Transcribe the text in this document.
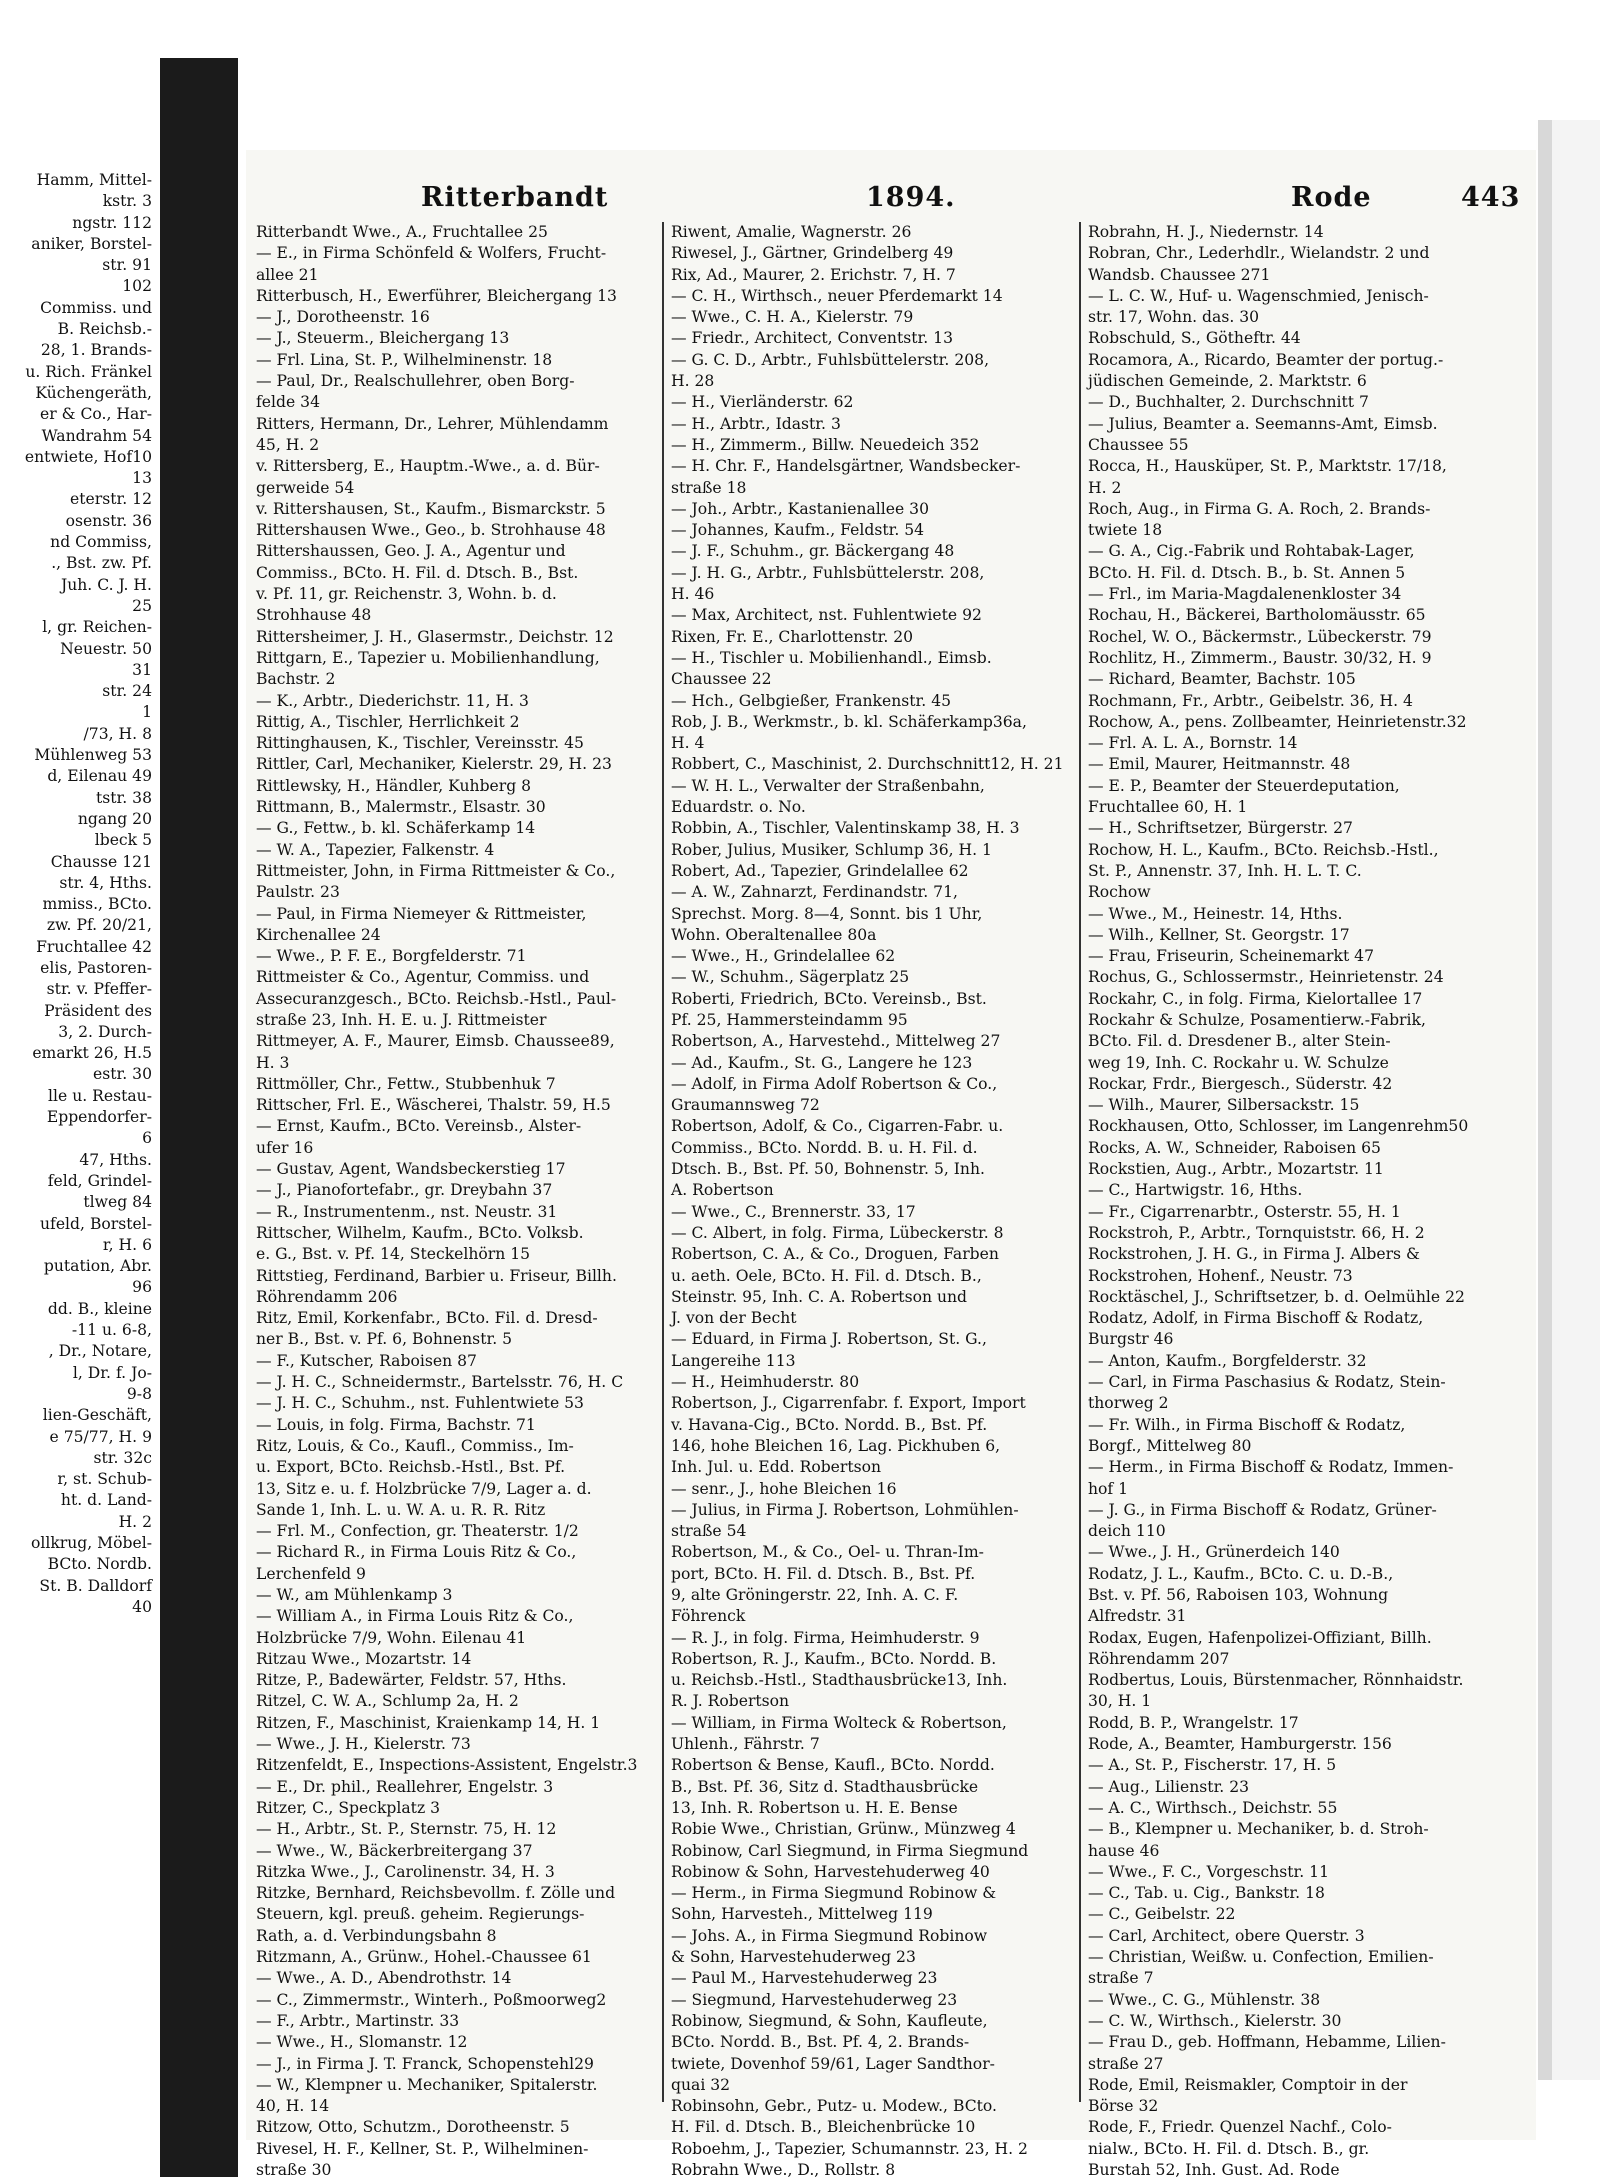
Hamm, Mittel-
kstr. 3
ngstr. 112
aniker, Borstel-
str. 91
102
Commiss. und
B. Reichsb.-
28, 1. Brands-
u. Rich. Fränkel
Küchengeräth,
er & Co., Har-
Wandrahm 54
entwiete, Hof10
13
eterstr. 12
osenstr. 36
nd Commiss,
., Bst. zw. Pf.
Juh. C. J. H.
25
l, gr. Reichen-
Neuestr. 50
31
str. 24
1
/73, H. 8
Mühlenweg 53
d, Eilenau 49
tstr. 38
ngang 20
lbeck 5
Chausse 121
str. 4, Hths.
mmiss., BCto.
zw. Pf. 20/21,
Fruchtallee 42
elis, Pastoren-
str. v. Pfeffer-
Präsident des
3, 2. Durch-
emarkt 26, H.5
estr. 30
lle u. Restau-
Eppendorfer-
6
47, Hths.
feld, Grindel-
tlweg 84
ufeld, Borstel-
r, H. 6
putation, Abr.
96
dd. B., kleine
-11 u. 6-8,
, Dr., Notare,
l, Dr. f. Jo-
9-8
lien-Geschäft,
e 75/77, H. 9
str. 32c
r, st. Schub-
ht. d. Land-
H. 2
ollkrug, Möbel-
BCto. Nordb.
St. B. Dalldorf
40
Ritterbandt	1894.	Rode	443
Ritterbandt Wwe., A., Fruchtallee 25
— E., in Firma Schönfeld & Wolfers, Frucht-
allee 21
Ritterbusch, H., Ewerführer, Bleichergang 13
— J., Dorotheenstr. 16
— J., Steuerm., Bleichergang 13
— Frl. Lina, St. P., Wilhelminenstr. 18
— Paul, Dr., Realschullehrer, oben Borg-
felde 34
Ritters, Hermann, Dr., Lehrer, Mühlendamm
45, H. 2
v. Rittersberg, E., Hauptm.-Wwe., a. d. Bür-
gerweide 54
v. Rittershausen, St., Kaufm., Bismarckstr. 5
Rittershausen Wwe., Geo., b. Strohhause 48
Rittershaussen, Geo. J. A., Agentur und
Commiss., BCto. H. Fil. d. Dtsch. B., Bst.
v. Pf. 11, gr. Reichenstr. 3, Wohn. b. d.
Strohhause 48
Rittersheimer, J. H., Glasermstr., Deichstr. 12
Rittgarn, E., Tapezier u. Mobilienhandlung,
Bachstr. 2
— K., Arbtr., Diederichstr. 11, H. 3
Rittig, A., Tischler, Herrlichkeit 2
Rittinghausen, K., Tischler, Vereinsstr. 45
Rittler, Carl, Mechaniker, Kielerstr. 29, H. 23
Rittlewsky, H., Händler, Kuhberg 8
Rittmann, B., Malermstr., Elsastr. 30
— G., Fettw., b. kl. Schäferkamp 14
— W. A., Tapezier, Falkenstr. 4
Rittmeister, John, in Firma Rittmeister & Co.,
Paulstr. 23
— Paul, in Firma Niemeyer & Rittmeister,
Kirchenallee 24
— Wwe., P. F. E., Borgfelderstr. 71
Rittmeister & Co., Agentur, Commiss. und
Assecuranzgesch., BCto. Reichsb.-Hstl., Paul-
straße 23, Inh. H. E. u. J. Rittmeister
Rittmeyer, A. F., Maurer, Eimsb. Chaussee89,
H. 3
Rittmöller, Chr., Fettw., Stubbenhuk 7
Rittscher, Frl. E., Wäscherei, Thalstr. 59, H.5
— Ernst, Kaufm., BCto. Vereinsb., Alster-
ufer 16
— Gustav, Agent, Wandsbeckerstieg 17
— J., Pianofortefabr., gr. Dreybahn 37
— R., Instrumentenm., nst. Neustr. 31
Rittscher, Wilhelm, Kaufm., BCto. Volksb.
e. G., Bst. v. Pf. 14, Steckelhörn 15
Rittstieg, Ferdinand, Barbier u. Friseur, Billh.
Röhrendamm 206
Ritz, Emil, Korkenfabr., BCto. Fil. d. Dresd-
ner B., Bst. v. Pf. 6, Bohnenstr. 5
— F., Kutscher, Raboisen 87
— J. H. C., Schneidermstr., Bartelsstr. 76, H. C
— J. H. C., Schuhm., nst. Fuhlentwiete 53
— Louis, in folg. Firma, Bachstr. 71
Ritz, Louis, & Co., Kaufl., Commiss., Im-
u. Export, BCto. Reichsb.-Hstl., Bst. Pf.
13, Sitz e. u. f. Holzbrücke 7/9, Lager a. d.
Sande 1, Inh. L. u. W. A. u. R. R. Ritz
— Frl. M., Confection, gr. Theaterstr. 1/2
— Richard R., in Firma Louis Ritz & Co.,
Lerchenfeld 9
— W., am Mühlenkamp 3
— William A., in Firma Louis Ritz & Co.,
Holzbrücke 7/9, Wohn. Eilenau 41
Ritzau Wwe., Mozartstr. 14
Ritze, P., Badewärter, Feldstr. 57, Hths.
Ritzel, C. W. A., Schlump 2a, H. 2
Ritzen, F., Maschinist, Kraienkamp 14, H. 1
— Wwe., J. H., Kielerstr. 73
Ritzenfeldt, E., Inspections-Assistent, Engelstr.3
— E., Dr. phil., Reallehrer, Engelstr. 3
Ritzer, C., Speckplatz 3
— H., Arbtr., St. P., Sternstr. 75, H. 12
— Wwe., W., Bäckerbreitergang 37
Ritzka Wwe., J., Carolinenstr. 34, H. 3
Ritzke, Bernhard, Reichsbevollm. f. Zölle und
Steuern, kgl. preuß. geheim. Regierungs-
Rath, a. d. Verbindungsbahn 8
Ritzmann, A., Grünw., Hohel.-Chaussee 61
— Wwe., A. D., Abendrothstr. 14
— C., Zimmermstr., Winterh., Poßmoorweg2
— F., Arbtr., Martinstr. 33
— Wwe., H., Slomanstr. 12
— J., in Firma J. T. Franck, Schopenstehl29
— W., Klempner u. Mechaniker, Spitalerstr.
40, H. 14
Ritzow, Otto, Schutzm., Dorotheenstr. 5
Rivesel, H. F., Kellner, St. P., Wilhelminen-
straße 30
Riwent, Amalie, Wagnerstr. 26
Riwesel, J., Gärtner, Grindelberg 49
Rix, Ad., Maurer, 2. Erichstr. 7, H. 7
— C. H., Wirthsch., neuer Pferdemarkt 14
— Wwe., C. H. A., Kielerstr. 79
— Friedr., Architect, Conventstr. 13
— G. C. D., Arbtr., Fuhlsbüttelerstr. 208,
H. 28
— H., Vierländerstr. 62
— H., Arbtr., Idastr. 3
— H., Zimmerm., Billw. Neuedeich 352
— H. Chr. F., Handelsgärtner, Wandsbecker-
straße 18
— Joh., Arbtr., Kastanienallee 30
— Johannes, Kaufm., Feldstr. 54
— J. F., Schuhm., gr. Bäckergang 48
— J. H. G., Arbtr., Fuhlsbüttelerstr. 208,
H. 46
— Max, Architect, nst. Fuhlentwiete 92
Rixen, Fr. E., Charlottenstr. 20
— H., Tischler u. Mobilienhandl., Eimsb.
Chaussee 22
— Hch., Gelbgießer, Frankenstr. 45
Rob, J. B., Werkmstr., b. kl. Schäferkamp36a,
H. 4
Robbert, C., Maschinist, 2. Durchschnitt12, H. 21
— W. H. L., Verwalter der Straßenbahn,
Eduardstr. o. No.
Robbin, A., Tischler, Valentinskamp 38, H. 3
Rober, Julius, Musiker, Schlump 36, H. 1
Robert, Ad., Tapezier, Grindelallee 62
— A. W., Zahnarzt, Ferdinandstr. 71,
Sprechst. Morg. 8—4, Sonnt. bis 1 Uhr,
Wohn. Oberaltenallee 80a
— Wwe., H., Grindelallee 62
— W., Schuhm., Sägerplatz 25
Roberti, Friedrich, BCto. Vereinsb., Bst.
Pf. 25, Hammersteindamm 95
Robertson, A., Harvestehd., Mittelweg 27
— Ad., Kaufm., St. G., Langere he 123
— Adolf, in Firma Adolf Robertson & Co.,
Graumannsweg 72
Robertson, Adolf, & Co., Cigarren-Fabr. u.
Commiss., BCto. Nordd. B. u. H. Fil. d.
Dtsch. B., Bst. Pf. 50, Bohnenstr. 5, Inh.
A. Robertson
— Wwe., C., Brennerstr. 33, 17
— C. Albert, in folg. Firma, Lübeckerstr. 8
Robertson, C. A., & Co., Droguen, Farben
u. aeth. Oele, BCto. H. Fil. d. Dtsch. B.,
Steinstr. 95, Inh. C. A. Robertson und
J. von der Becht
— Eduard, in Firma J. Robertson, St. G.,
Langereihe 113
— H., Heimhuderstr. 80
Robertson, J., Cigarrenfabr. f. Export, Import
v. Havana-Cig., BCto. Nordd. B., Bst. Pf.
146, hohe Bleichen 16, Lag. Pickhuben 6,
Inh. Jul. u. Edd. Robertson
— senr., J., hohe Bleichen 16
— Julius, in Firma J. Robertson, Lohmühlen-
straße 54
Robertson, M., & Co., Oel- u. Thran-Im-
port, BCto. H. Fil. d. Dtsch. B., Bst. Pf.
9, alte Gröningerstr. 22, Inh. A. C. F.
Föhrenck
— R. J., in folg. Firma, Heimhuderstr. 9
Robertson, R. J., Kaufm., BCto. Nordd. B.
u. Reichsb.-Hstl., Stadthausbrücke13, Inh.
R. J. Robertson
— William, in Firma Wolteck & Robertson,
Uhlenh., Fährstr. 7
Robertson & Bense, Kaufl., BCto. Nordd.
B., Bst. Pf. 36, Sitz d. Stadthausbrücke
13, Inh. R. Robertson u. H. E. Bense
Robie Wwe., Christian, Grünw., Münzweg 4
Robinow, Carl Siegmund, in Firma Siegmund
Robinow & Sohn, Harvestehuderweg 40
— Herm., in Firma Siegmund Robinow &
Sohn, Harvesteh., Mittelweg 119
— Johs. A., in Firma Siegmund Robinow
& Sohn, Harvestehuderweg 23
— Paul M., Harvestehuderweg 23
— Siegmund, Harvestehuderweg 23
Robinow, Siegmund, & Sohn, Kaufleute,
BCto. Nordd. B., Bst. Pf. 4, 2. Brands-
twiete, Dovenhof 59/61, Lager Sandthor-
quai 32
Robinsohn, Gebr., Putz- u. Modew., BCto.
H. Fil. d. Dtsch. B., Bleichenbrücke 10
Roboehm, J., Tapezier, Schumannstr. 23, H. 2
Robrahn Wwe., D., Rollstr. 8
Robrahn, H. J., Niedernstr. 14
Robran, Chr., Lederhdlr., Wielandstr. 2 und
Wandsb. Chaussee 271
— L. C. W., Huf- u. Wagenschmied, Jenisch-
str. 17, Wohn. das. 30
Robschuld, S., Götheftr. 44
Rocamora, A., Ricardo, Beamter der portug.-
jüdischen Gemeinde, 2. Marktstr. 6
— D., Buchhalter, 2. Durchschnitt 7
— Julius, Beamter a. Seemanns-Amt, Eimsb.
Chaussee 55
Rocca, H., Hausküper, St. P., Marktstr. 17/18,
H. 2
Roch, Aug., in Firma G. A. Roch, 2. Brands-
twiete 18
— G. A., Cig.-Fabrik und Rohtabak-Lager,
BCto. H. Fil. d. Dtsch. B., b. St. Annen 5
— Frl., im Maria-Magdalenenkloster 34
Rochau, H., Bäckerei, Bartholomäusstr. 65
Rochel, W. O., Bäckermstr., Lübeckerstr. 79
Rochlitz, H., Zimmerm., Baustr. 30/32, H. 9
— Richard, Beamter, Bachstr. 105
Rochmann, Fr., Arbtr., Geibelstr. 36, H. 4
Rochow, A., pens. Zollbeamter, Heinrietenstr.32
— Frl. A. L. A., Bornstr. 14
— Emil, Maurer, Heitmannstr. 48
— E. P., Beamter der Steuerdeputation,
Fruchtallee 60, H. 1
— H., Schriftsetzer, Bürgerstr. 27
Rochow, H. L., Kaufm., BCto. Reichsb.-Hstl.,
St. P., Annenstr. 37, Inh. H. L. T. C.
Rochow
— Wwe., M., Heinestr. 14, Hths.
— Wilh., Kellner, St. Georgstr. 17
— Frau, Friseurin, Scheinemarkt 47
Rochus, G., Schlossermstr., Heinrietenstr. 24
Rockahr, C., in folg. Firma, Kielortallee 17
Rockahr & Schulze, Posamentierw.-Fabrik,
BCto. Fil. d. Dresdener B., alter Stein-
weg 19, Inh. C. Rockahr u. W. Schulze
Rockar, Frdr., Biergesch., Süderstr. 42
— Wilh., Maurer, Silbersackstr. 15
Rockhausen, Otto, Schlosser, im Langenrehm50
Rocks, A. W., Schneider, Raboisen 65
Rockstien, Aug., Arbtr., Mozartstr. 11
— C., Hartwigstr. 16, Hths.
— Fr., Cigarrenarbtr., Osterstr. 55, H. 1
Rockstroh, P., Arbtr., Tornquiststr. 66, H. 2
Rockstrohen, J. H. G., in Firma J. Albers &
Rockstrohen, Hohenf., Neustr. 73
Rocktäschel, J., Schriftsetzer, b. d. Oelmühle 22
Rodatz, Adolf, in Firma Bischoff & Rodatz,
Burgstr 46
— Anton, Kaufm., Borgfelderstr. 32
— Carl, in Firma Paschasius & Rodatz, Stein-
thorweg 2
— Fr. Wilh., in Firma Bischoff & Rodatz,
Borgf., Mittelweg 80
— Herm., in Firma Bischoff & Rodatz, Immen-
hof 1
— J. G., in Firma Bischoff & Rodatz, Grüner-
deich 110
— Wwe., J. H., Grünerdeich 140
Rodatz, J. L., Kaufm., BCto. C. u. D.-B.,
Bst. v. Pf. 56, Raboisen 103, Wohnung
Alfredstr. 31
Rodax, Eugen, Hafenpolizei-Offiziant, Billh.
Röhrendamm 207
Rodbertus, Louis, Bürstenmacher, Rönnhaidstr.
30, H. 1
Rodd, B. P., Wrangelstr. 17
Rode, A., Beamter, Hamburgerstr. 156
— A., St. P., Fischerstr. 17, H. 5
— Aug., Lilienstr. 23
— A. C., Wirthsch., Deichstr. 55
— B., Klempner u. Mechaniker, b. d. Stroh-
hause 46
— Wwe., F. C., Vorgeschstr. 11
— C., Tab. u. Cig., Bankstr. 18
— C., Geibelstr. 22
— Carl, Architect, obere Querstr. 3
— Christian, Weißw. u. Confection, Emilien-
straße 7
— Wwe., C. G., Mühlenstr. 38
— C. W., Wirthsch., Kielerstr. 30
— Frau D., geb. Hoffmann, Hebamme, Lilien-
straße 27
Rode, Emil, Reismakler, Comptoir in der
Börse 32
Rode, F., Friedr. Quenzel Nachf., Colo-
nialw., BCto. H. Fil. d. Dtsch. B., gr.
Burstah 52, Inh. Gust. Ad. Rode
